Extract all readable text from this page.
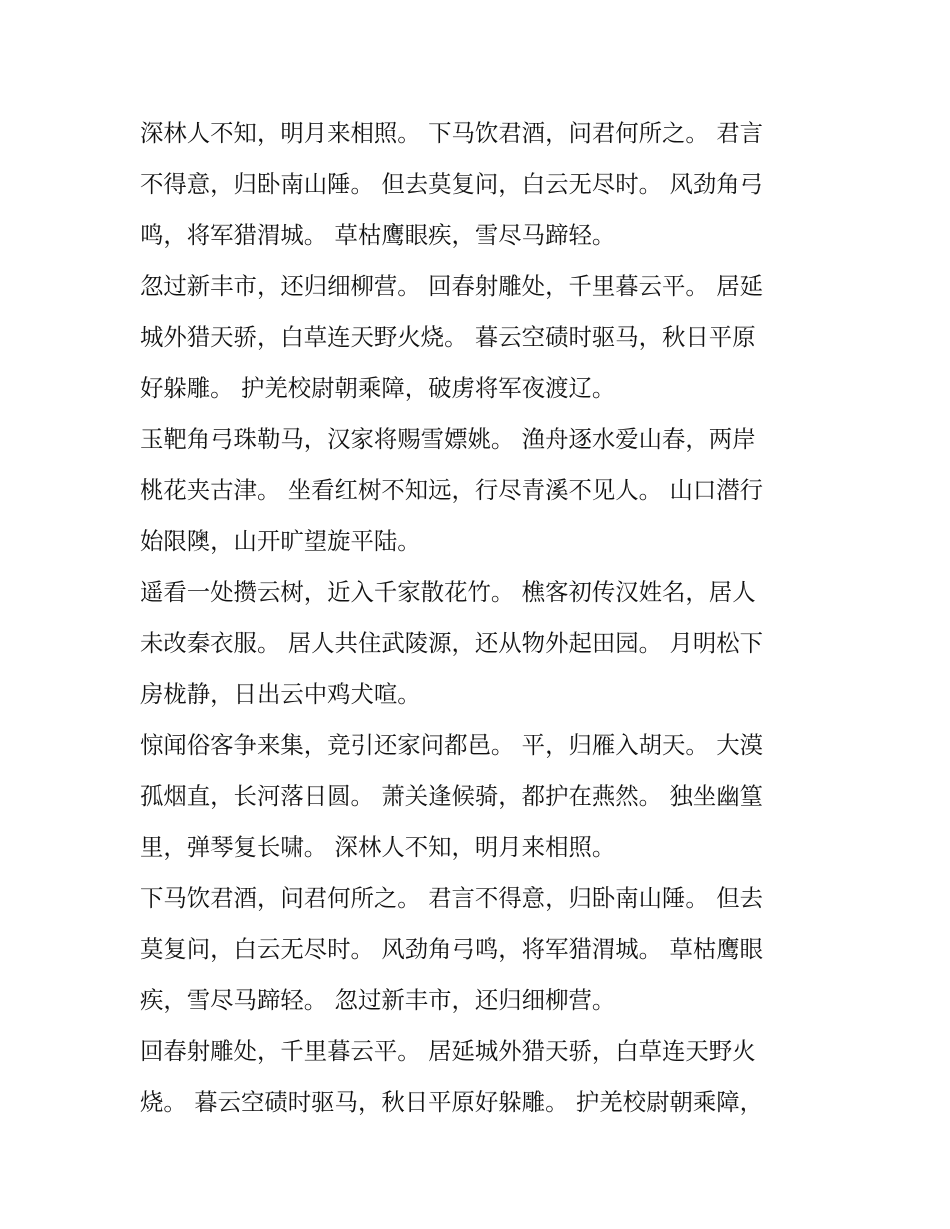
深林人不知，明月来相照。 下马饮君酒，问君何所之。 君言

不得意，归卧南山陲。 但去莫复问，白云无尽时。 风劲角弓

鸣，将军猎渭城。 草枯鹰眼疾，雪尽马蹄轻。

忽过新丰市，还归细柳营。 回春射雕处，千里暮云平。 居延

城外猎天骄，白草连天野火烧。 暮云空碛时驱马，秋日平原

好躲雕。 护羌校尉朝乘障，破虏将军夜渡辽。

玉靶角弓珠勒马，汉家将赐雪嫖姚。 渔舟逐水爱山春，两岸

桃花夹古津。 坐看红树不知远，行尽青溪不见人。 山口潜行

始限隩，山开旷望旋平陆。

遥看一处攒云树，近入千家散花竹。 樵客初传汉姓名，居人

未改秦衣服。 居人共住武陵源，还从物外起田园。 月明松下

房栊静，日出云中鸡犬喧。

惊闻俗客争来集，竞引还家问都邑。 平，归雁入胡天。 大漠

孤烟直，长河落日圆。 萧关逢候骑，都护在燕然。 独坐幽篁

里，弹琴复长啸。 深林人不知，明月来相照。

下马饮君酒，问君何所之。 君言不得意，归卧南山陲。 但去

莫复问，白云无尽时。 风劲角弓鸣，将军猎渭城。 草枯鹰眼

疾，雪尽马蹄轻。 忽过新丰市，还归细柳营。

回春射雕处，千里暮云平。 居延城外猎天骄，白草连天野火

烧。 暮云空碛时驱马，秋日平原好躲雕。 护羌校尉朝乘障，
